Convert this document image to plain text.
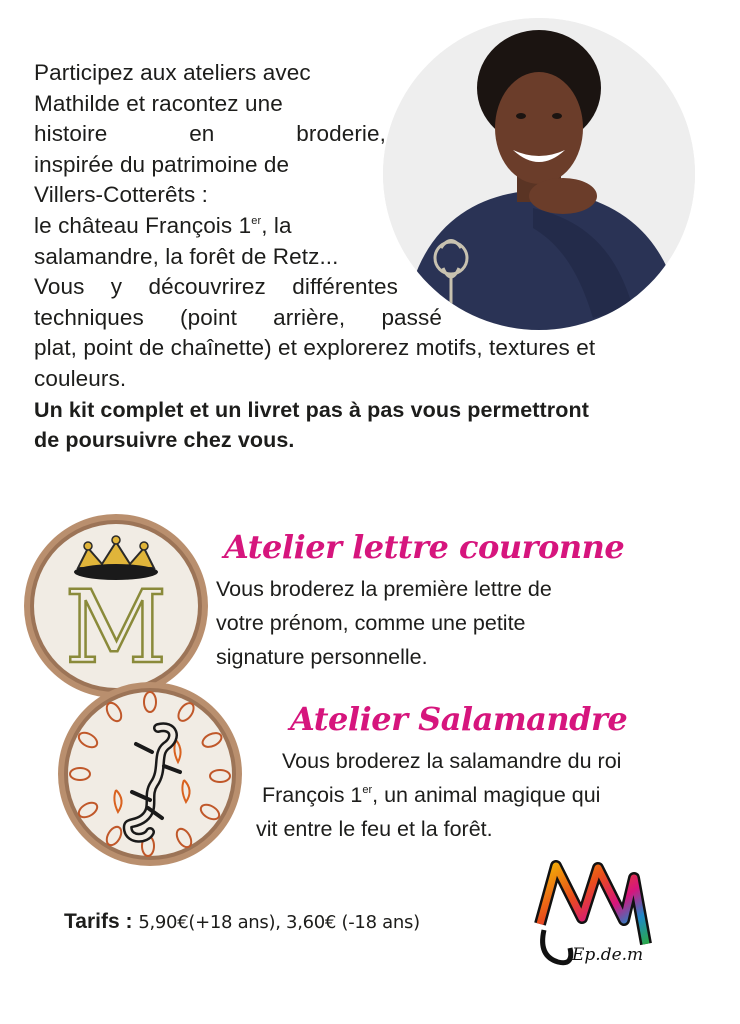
Participez aux ateliers avec
Mathilde et racontez une
histoire en broderie,
inspirée du patrimoine de
Villers-Cotterêts :
le château François 1er, la
salamandre, la forêt de Retz...
Vous y découvrirez différentes
techniques (point arrière, passé
plat, point de chaînette) et explorerez motifs, textures et
couleurs.
Un kit complet et un livret pas à pas vous permettront
de poursuivre chez vous.
M
Atelier lettre couronne
Vous broderez la première lettre de
votre prénom, comme une petite
signature personnelle.
Atelier Salamandre
Vous broderez la salamandre du roi
François 1er, un animal magique qui
vit entre le feu et la forêt.
Tarifs : 5,90€(+18 ans), 3,60€ (-18 ans)
Ep.de.m
